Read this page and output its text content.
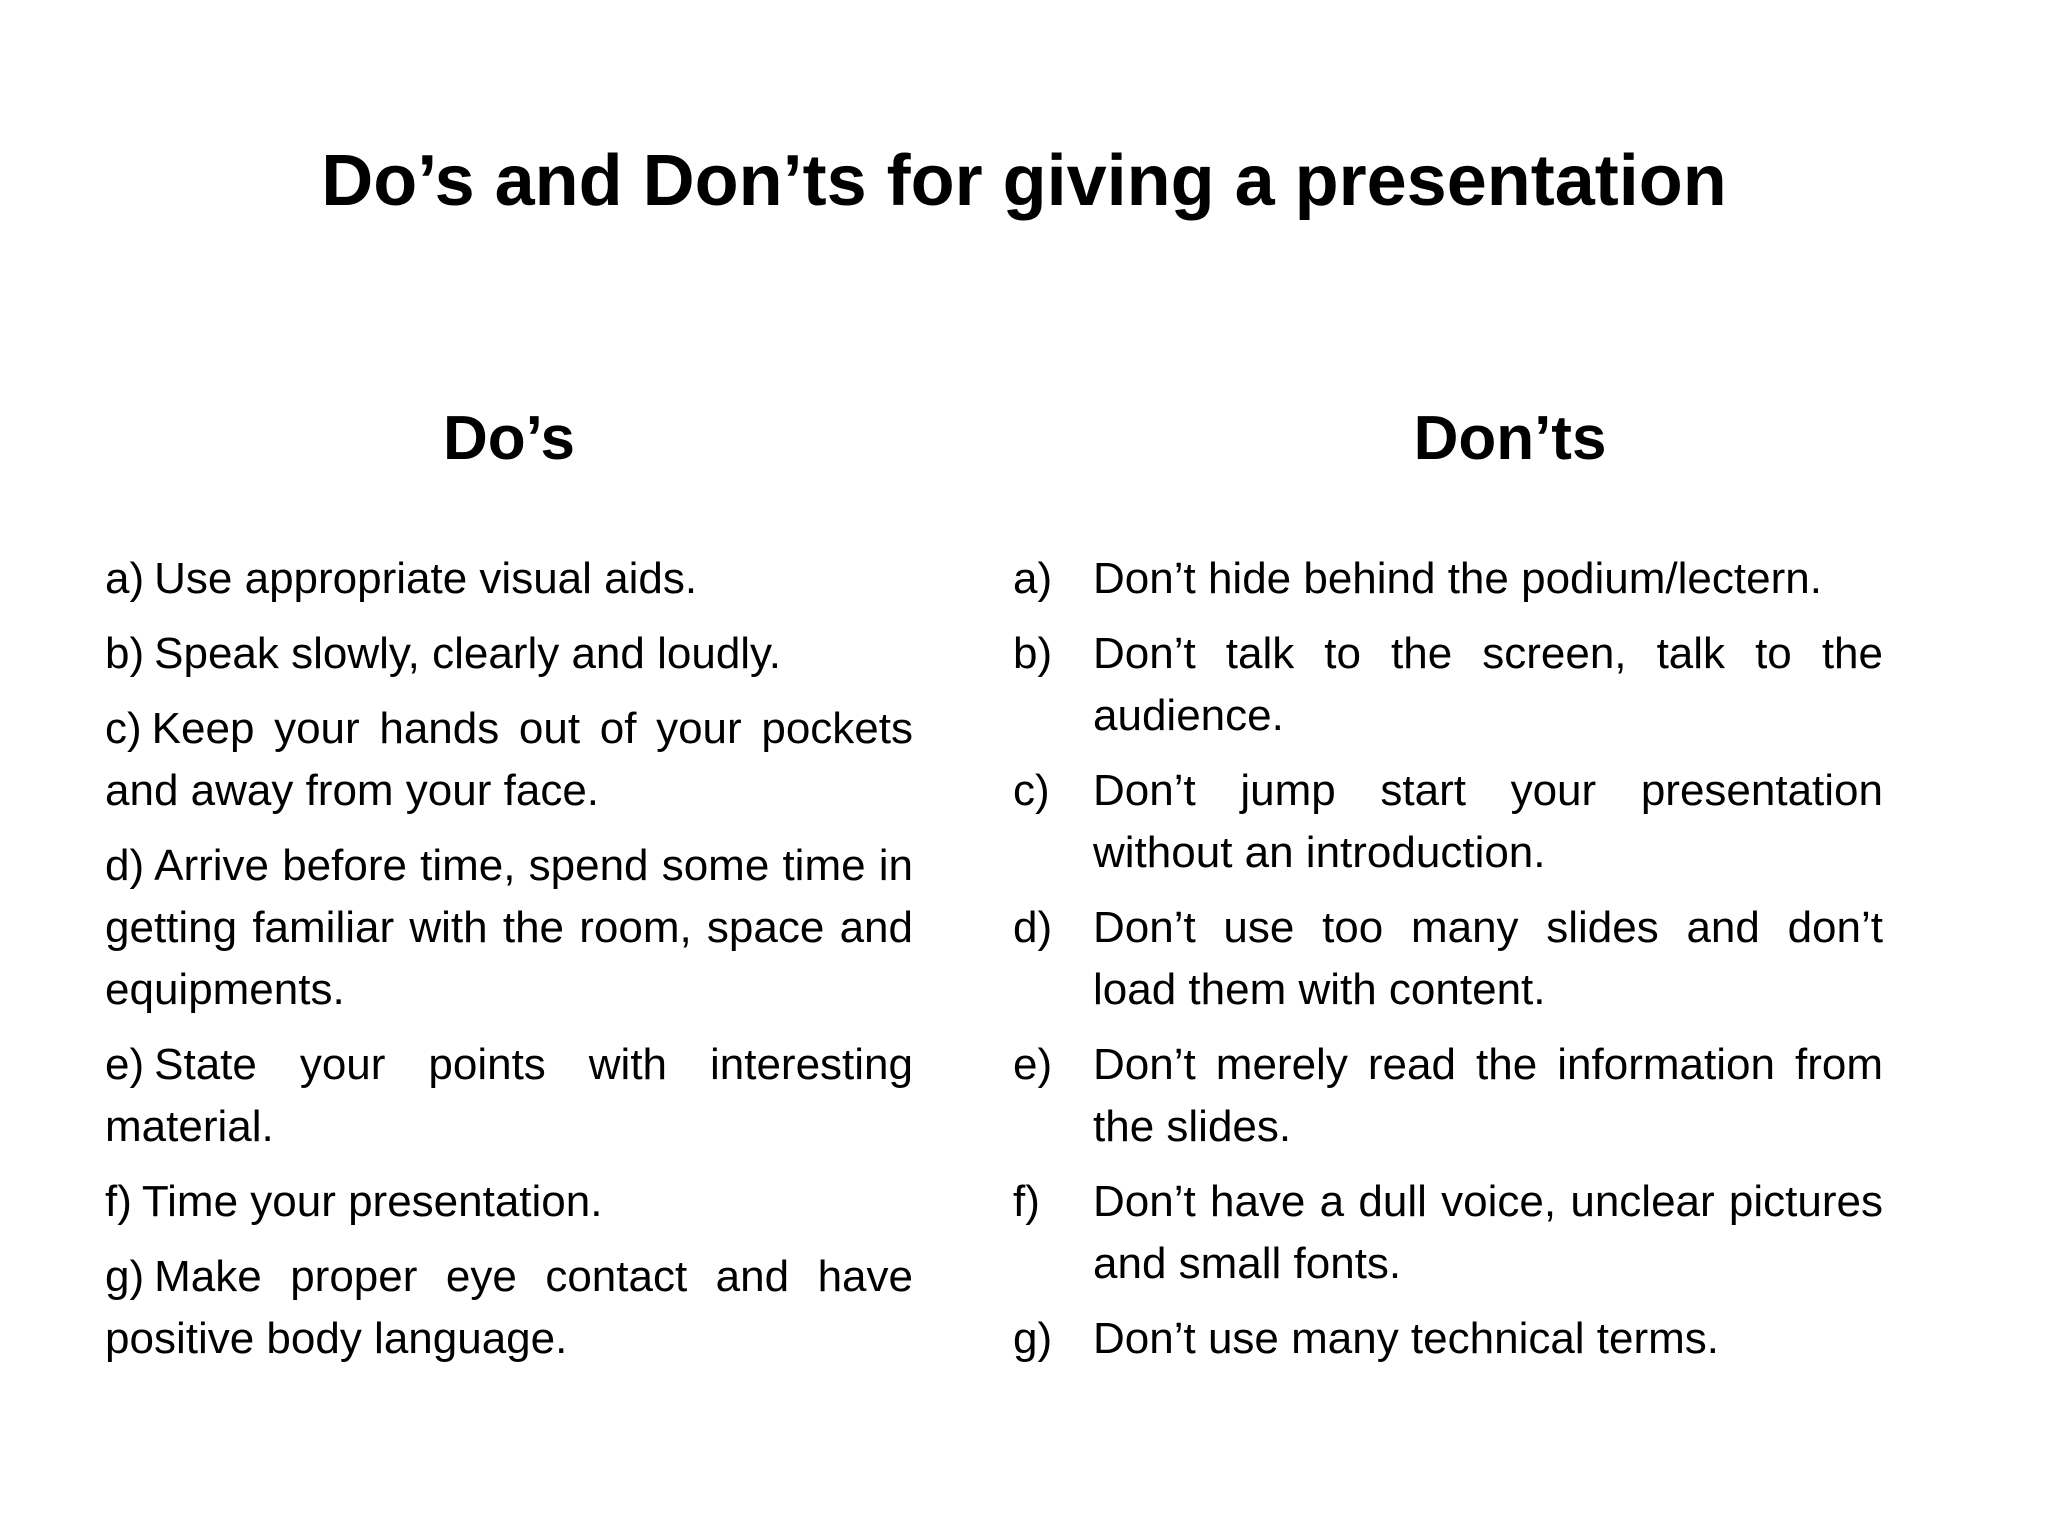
Do’s and Don’ts for giving a presentation
Do’s	Don’ts
a) Use appropriate visual aids.
b) Speak slowly, clearly and loudly.
c) Keep your hands out of your pockets and away from your face.
d) Arrive before time, spend some time in getting familiar with the room, space and equipments.
e) State your points with interesting material.
f) Time your presentation.
g) Make proper eye contact and have positive body language.
a) Don’t hide behind the podium/lectern.
b) Don’t talk to the screen, talk to the audience.
c) Don’t jump start your presentation without an introduction.
d) Don’t use too many slides and don’t load them with content.
e) Don’t merely read the information from the slides.
f)	Don’t have a dull voice, unclear pictures and small fonts.
g) Don’t use many technical terms.
